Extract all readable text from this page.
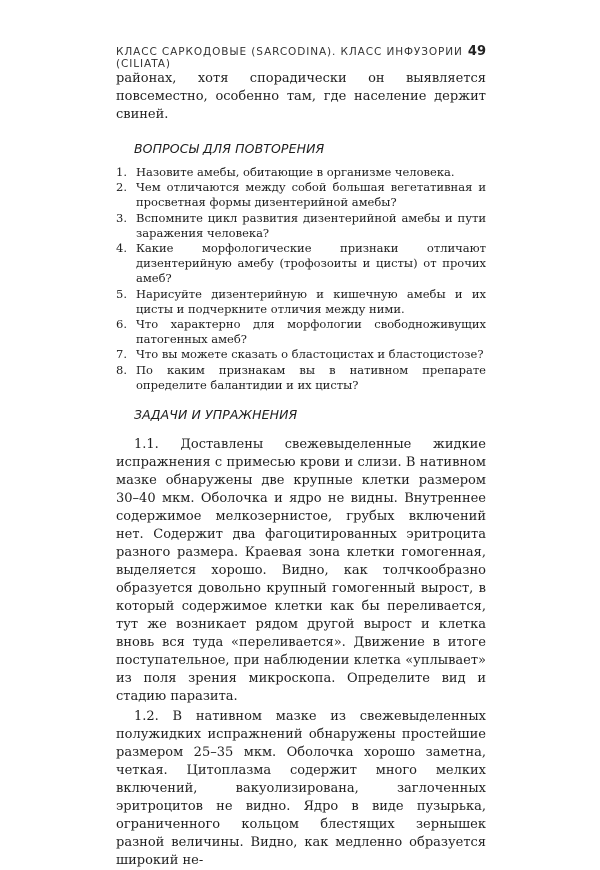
КЛАСС САРКОДОВЫЕ (SARCODINA). КЛАСС ИНФУЗОРИИ (CILIATA)
49

районах, хотя спорадически он выявляется повсеместно, особенно там, где население держит свиней.

ВОПРОСЫ ДЛЯ ПОВТОРЕНИЯ
1. Назовите амебы, обитающие в организме человека.
2. Чем отличаются между собой большая вегетативная и просветная формы дизентерийной амебы?
3. Вспомните цикл развития дизентерийной амебы и пути заражения человека?
4. Какие морфологические признаки отличают дизентерийную амебу (трофозоиты и цисты) от прочих амеб?
5. Нарисуйте дизентерийную и кишечную амебы и их цисты и подчеркните отличия между ними.
6. Что характерно для морфологии свободноживущих патогенных амеб?
7. Что вы можете сказать о бластоцистах и бластоцистозе?
8. По каким признакам вы в нативном препарате определите балантидии и их цисты?
ЗАДАЧИ И УПРАЖНЕНИЯ

1.1. Доставлены свежевыделенные жидкие испражнения с примесью крови и слизи. В нативном мазке обнаружены две крупные клетки размером 30–40 мкм. Оболочка и ядро не видны. Внутреннее содержимое мелкозернистое, грубых включений нет. Содержит два фагоцитированных эритроцита разного размера. Краевая зона клетки гомогенная, выделяется хорошо. Видно, как толчкообразно образуется довольно крупный гомогенный вырост, в который содержимое клетки как бы переливается, тут же возникает рядом другой вырост и клетка вновь вся туда «переливается». Движение в итоге поступательное, при наблюдении клетка «уплывает» из поля зрения микроскопа. Определите вид и стадию паразита.

1.2. В нативном мазке из свежевыделенных полужидких испражнений обнаружены простейшие размером 25–35 мкм. Оболочка хорошо заметна, четкая. Цитоплазма содержит много мелких включений, вакуолизирована, заглоченных эритроцитов не видно. Ядро в виде пузырька, ограниченного кольцом блестящих зернышек разной величины. Видно, как медленно образуется широкий не-
